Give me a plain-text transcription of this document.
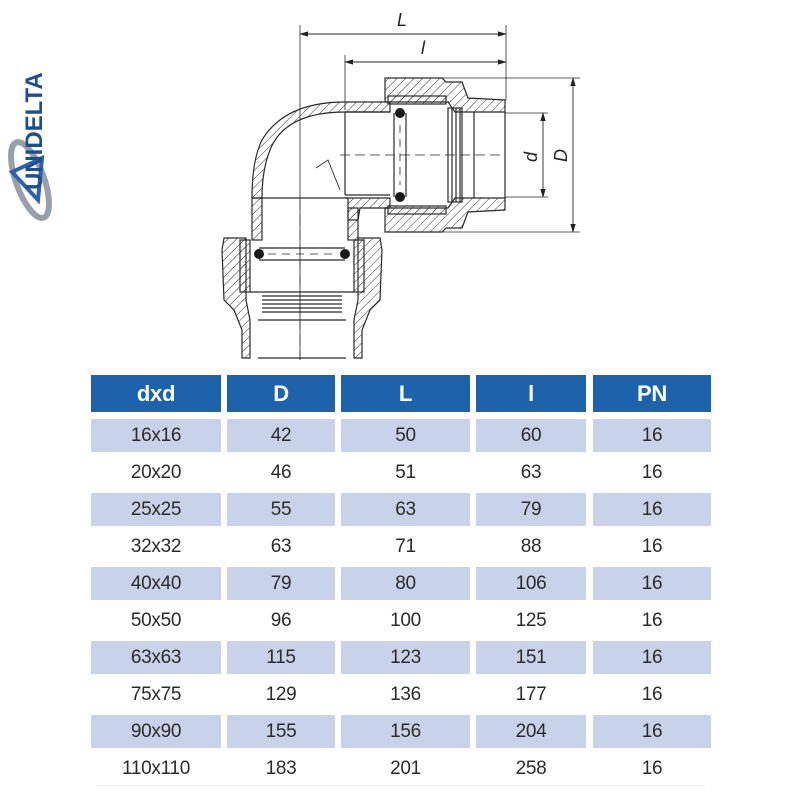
UNIDELTA
L
l
d D
dxd	D	L	l	PN
16x16	42	50	60	16
20x20	46	51	63	16
25x25	55	63	79	16
32x32	63	71	88	16
40x40	79	80	106	16
50x50	96	100	125	16
63x63	115	123	151	16
75x75	129	136	177	16
90x90	155	156	204	16
110x110	183	201	258	16
